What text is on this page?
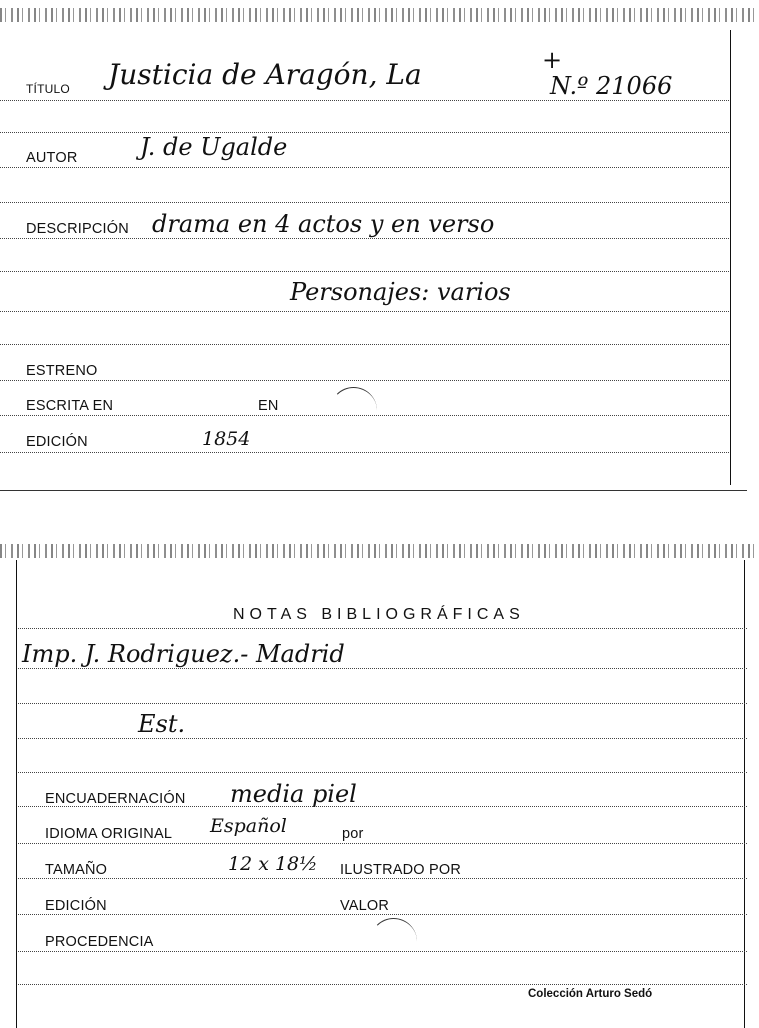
TÍTULO Justicia de Aragón, La	+
N.º 21066
AUTOR	J. de Ugalde
DESCRIPCIÓN drama en 4 actos y en verso
Personajes: varios
ESTRENO
ESCRITA EN	EN
EDICIÓN	1854
NOTAS BIBLIOGRÁFICAS
Imp. J. Rodriguez.- Madrid
Est.
ENCUADERNACIÓN media piel
IDIOMA ORIGINAL Español	por
TAMAÑO	12 x 18½ ILUSTRADO POR
EDICIÓN	VALOR
PROCEDENCIA
Colección Arturo Sedó
